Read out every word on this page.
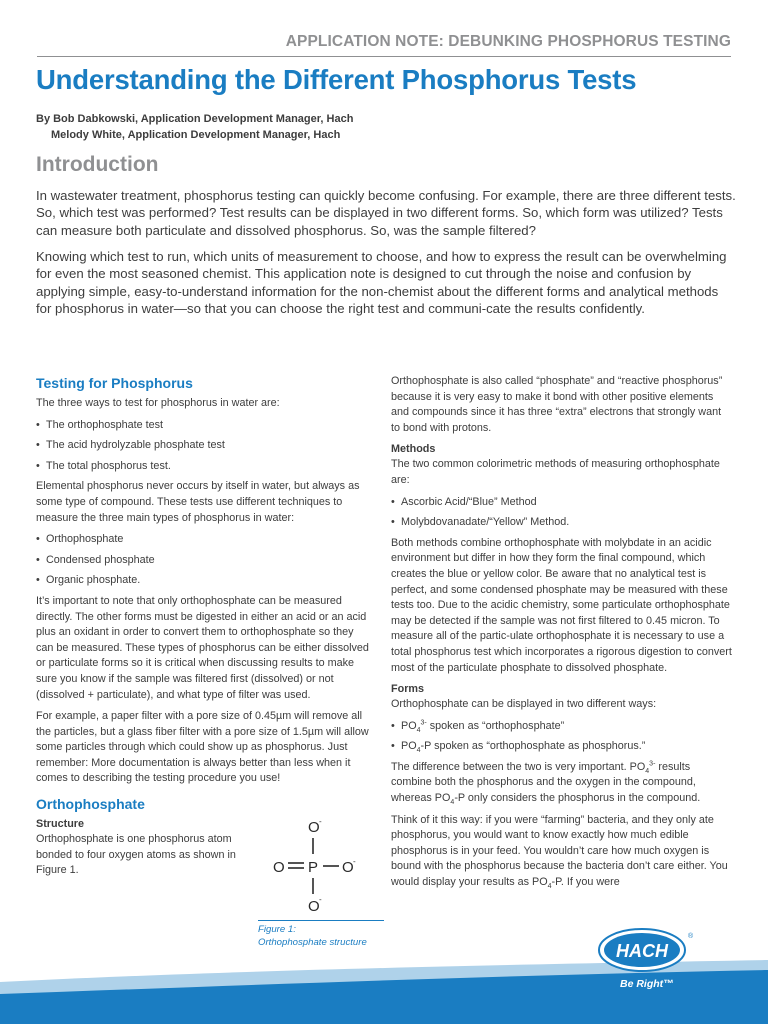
APPLICATION NOTE: DEBUNKING PHOSPHORUS TESTING
Understanding the Different Phosphorus Tests
By Bob Dabkowski, Application Development Manager, Hach
Melody White, Application Development Manager, Hach
Introduction

In wastewater treatment, phosphorus testing can quickly become confusing. For example, there are three different tests. So, which test was performed? Test results can be displayed in two different forms. So, which form was utilized? Tests can measure both particulate and dissolved phosphorus. So, was the sample filtered?

Knowing which test to run, which units of measurement to choose, and how to express the result can be overwhelming for even the most seasoned chemist. This application note is designed to cut through the noise and confusion by applying simple, easy-to-understand information for the non-chemist about the different forms and analytical methods for phosphorus in water—so that you can choose the right test and communi-cate the results confidently.

Testing for Phosphorus

The three ways to test for phosphorus in water are:

• The orthophosphate test
• The acid hydrolyzable phosphate test
• The total phosphorus test.

Elemental phosphorus never occurs by itself in water, but always as some type of compound. These tests use different techniques to measure the three main types of phosphorus in water:

• Orthophosphate
• Condensed phosphate
• Organic phosphate.

It’s important to note that only orthophosphate can be measured directly. The other forms must be digested in either an acid or an acid plus an oxidant in order to convert them to orthophosphate so they can be measured. These types of phosphorus can be either dissolved or particulate forms so it is critical when discussing results to make sure you know if the sample was filtered first (dissolved) or not (dissolved + particulate), and what type of filter was used.

For example, a paper filter with a pore size of 0.45µm will remove all the particles, but a glass fiber filter with a pore size of 1.5µm will allow some particles through which could show up as phosphorus. Just remember: More documentation is always better than less when it comes to describing the testing procedure you use!

Orthophosphate
Structure

Orthophosphate is one phosphorus atom bonded to four oxygen atoms as shown in Figure 1.

O -
O P O -
O -
Figure 1:
Orthophosphate structure

Orthophosphate is also called “phosphate” and “reactive phosphorus” because it is very easy to make it bond with other positive elements and compounds since it has three “extra” electrons that strongly want to bond with protons.

Methods

The two common colorimetric methods of measuring orthophosphate are:

• Ascorbic Acid/“Blue” Method
• Molybdovanadate/“Yellow” Method.

Both methods combine orthophosphate with molybdate in an acidic environment but differ in how they form the final compound, which creates the blue or yellow color. Be aware that no analytical test is perfect, and some condensed phosphate may be measured with these tests too. Due to the acidic chemistry, some particulate orthophosphate may be detected if the sample was not first filtered to 0.45 micron. To measure all of the partic-ulate orthophosphate it is necessary to use a total phosphorus test which incorporates a rigorous digestion to convert most of the particulate phosphate to dissolved phosphate.

Forms

Orthophosphate can be displayed in two different ways:

• $PO_4^{3-}$ spoken as “orthophosphate”
• $PO_4-P$ spoken as “orthophosphate as phosphorus.”

The difference between the two is very important. $PO_4^{3-}$ results combine both the phosphorus and the oxygen in the compound, whereas $PO_4-P$ only considers the phosphorus in the compound.

Think of it this way: if you were “farming” bacteria, and they only ate phosphorus, you would want to know exactly how much edible phosphorus is in your feed. You wouldn’t care how much oxygen is bound with the phosphorus because the bacteria don’t care either. You would display your results as $PO_4-P$. If you were

HACH
®
Be Right™
